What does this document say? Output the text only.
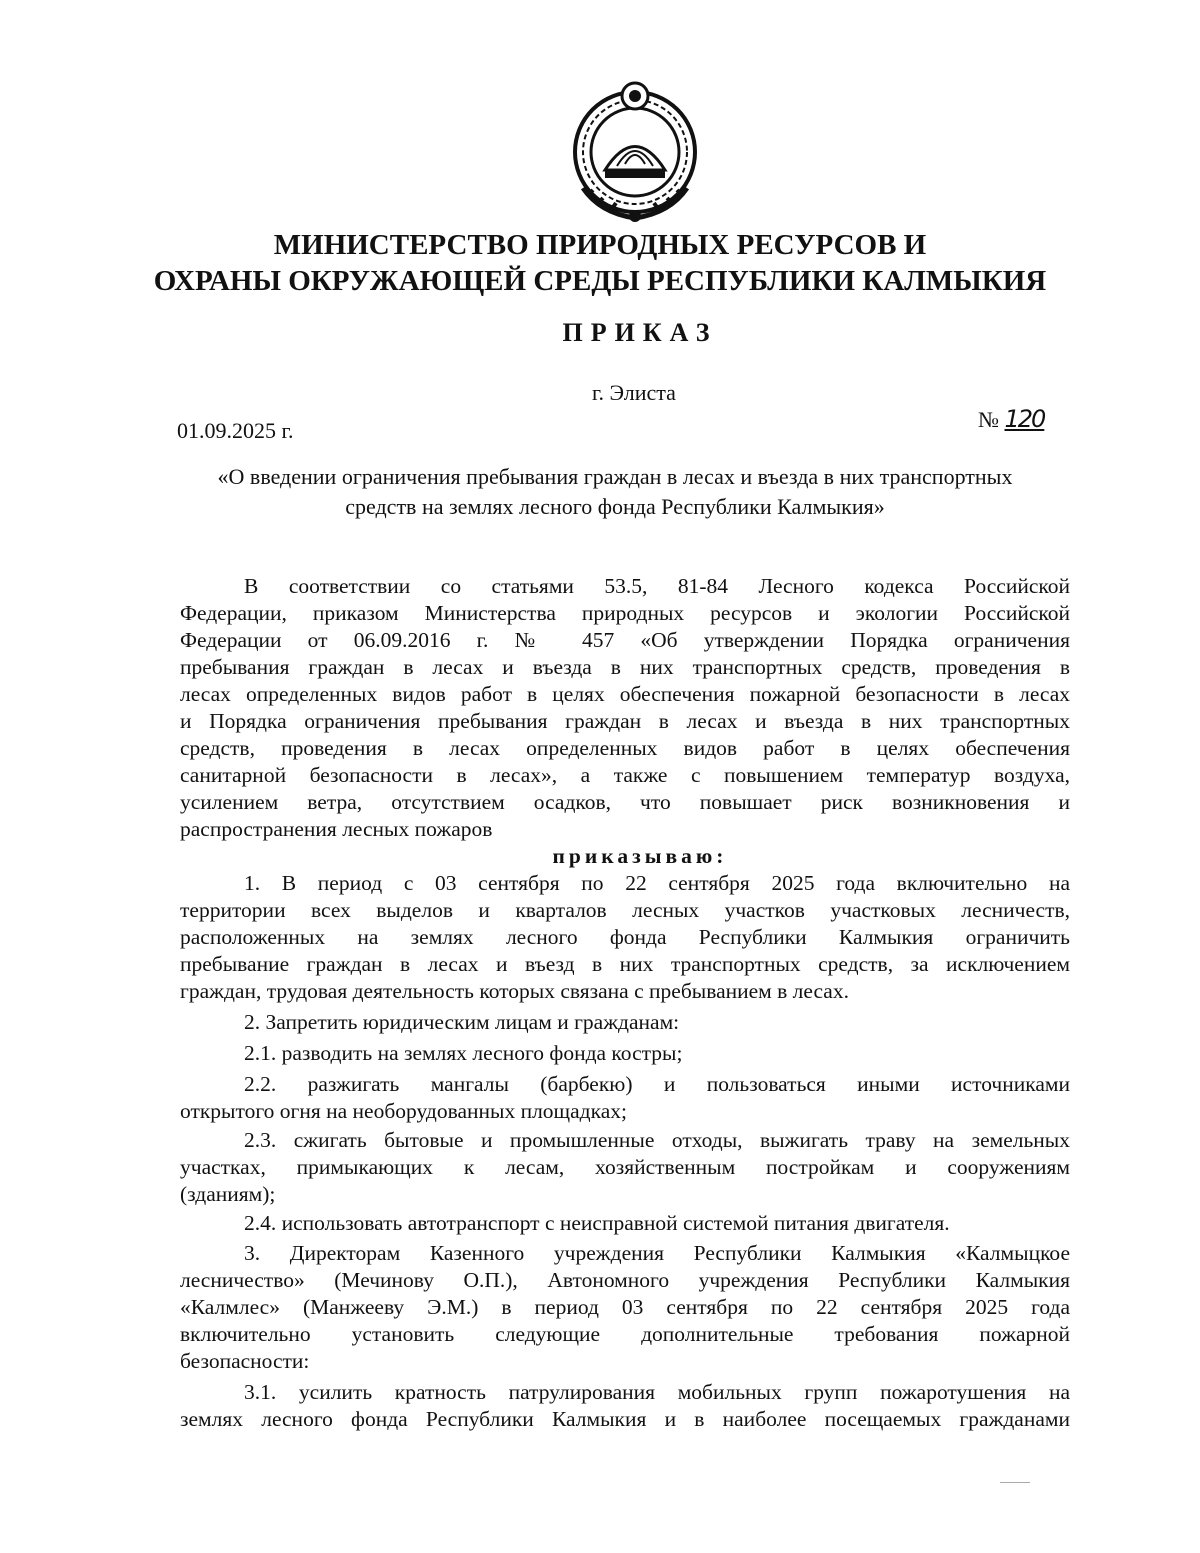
МИНИСТЕРСТВО ПРИРОДНЫХ РЕСУРСОВ И
ОХРАНЫ ОКРУЖАЮЩЕЙ СРЕДЫ РЕСПУБЛИКИ КАЛМЫКИЯ
ПРИКАЗ
г. Элиста
01.09.2025 г.	№ 120
«О введении ограничения пребывания граждан в лесах и въезда в них транспортных
средств на землях лесного фонда Республики Калмыкия»
В соответствии со статьями 53.5, 81-84 Лесного кодекса Российской
Федерации, приказом Министерства природных ресурсов и экологии Российской
Федерации от 06.09.2016 г. № 457 «Об утверждении Порядка ограничения
пребывания граждан в лесах и въезда в них транспортных средств, проведения в
лесах определенных видов работ в целях обеспечения пожарной безопасности в лесах
и Порядка ограничения пребывания граждан в лесах и въезда в них транспортных
средств, проведения в лесах определенных видов работ в целях обеспечения
санитарной безопасности в лесах», а также с повышением температур воздуха,
усилением ветра, отсутствием осадков, что повышает риск возникновения и
распространения лесных пожаров
приказываю:
1. В период с 03 сентября по 22 сентября 2025 года включительно на
территории всех выделов и кварталов лесных участков участковых лесничеств,
расположенных на землях лесного фонда Республики Калмыкия ограничить
пребывание граждан в лесах и въезд в них транспортных средств, за исключением
граждан, трудовая деятельность которых связана с пребыванием в лесах.
2. Запретить юридическим лицам и гражданам:
2.1. разводить на землях лесного фонда костры;
2.2. разжигать мангалы (барбекю) и пользоваться иными источниками
открытого огня на необорудованных площадках;
2.3. сжигать бытовые и промышленные отходы, выжигать траву на земельных
участках, примыкающих к лесам, хозяйственным постройкам и сооружениям
(зданиям);
2.4. использовать автотранспорт с неисправной системой питания двигателя.
3. Директорам Казенного учреждения Республики Калмыкия «Калмыцкое
лесничество» (Мечинову О.П.), Автономного учреждения Республики Калмыкия
«Калмлес» (Манжееву Э.М.) в период 03 сентября по 22 сентября 2025 года
включительно установить следующие дополнительные требования пожарной
безопасности:
3.1. усилить кратность патрулирования мобильных групп пожаротушения на
землях лесного фонда Республики Калмыкия и в наиболее посещаемых гражданами
